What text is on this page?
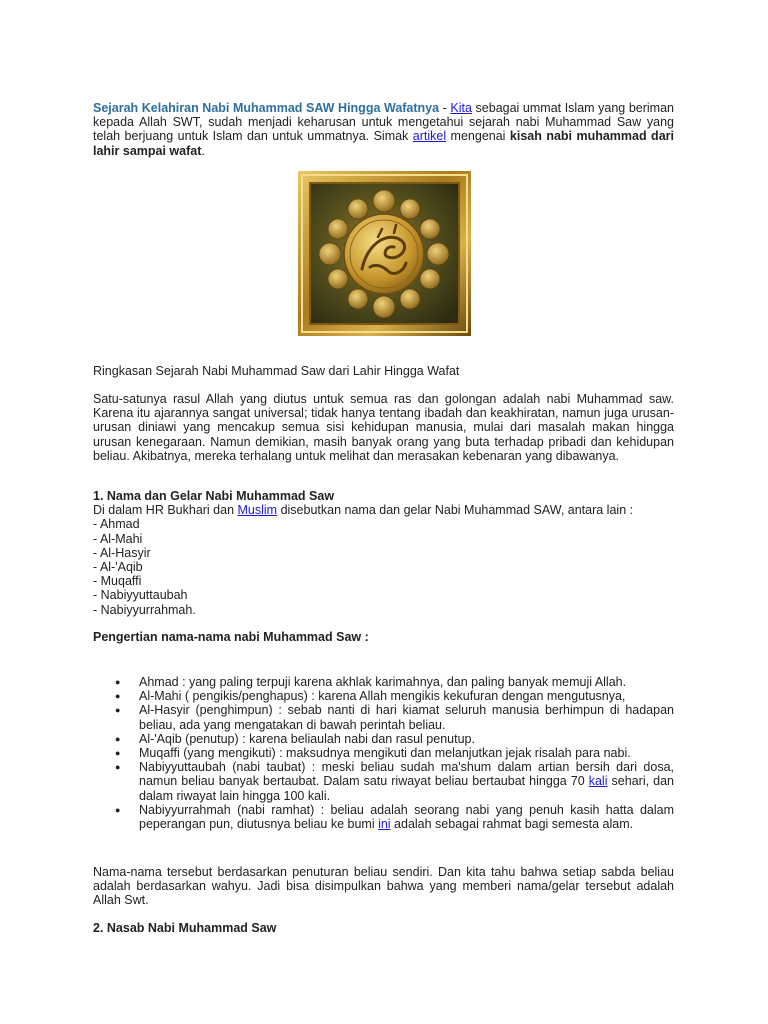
Sejarah Kelahiran Nabi Muhammad SAW Hingga Wafatnya - Kita sebagai ummat Islam yang beriman kepada Allah SWT, sudah menjadi keharusan untuk mengetahui sejarah nabi Muhammad Saw yang telah berjuang untuk Islam dan untuk ummatnya. Simak artikel mengenai kisah nabi muhammad dari lahir sampai wafat.
Ringkasan Sejarah Nabi Muhammad Saw dari Lahir Hingga Wafat
Satu-satunya rasul Allah yang diutus untuk semua ras dan golongan adalah nabi Muhammad saw. Karena itu ajarannya sangat universal; tidak hanya tentang ibadah dan keakhiratan, namun juga urusan-urusan diniawi yang mencakup semua sisi kehidupan manusia, mulai dari masalah makan hingga urusan kenegaraan. Namun demikian, masih banyak orang yang buta terhadap pribadi dan kehidupan beliau. Akibatnya, mereka terhalang untuk melihat dan merasakan kebenaran yang dibawanya.
1. Nama dan Gelar Nabi Muhammad Saw
Di dalam HR Bukhari dan Muslim disebutkan nama dan gelar Nabi Muhammad SAW, antara lain :
- Ahmad
- Al-Mahi
- Al-Hasyir
- Al-'Aqib
- Muqaffi
- Nabiyyuttaubah
- Nabiyyurrahmah.
Pengertian nama-nama nabi Muhammad Saw :
● Ahmad : yang paling terpuji karena akhlak karimahnya, dan paling banyak memuji Allah.
● Al-Mahi ( pengikis/penghapus) : karena Allah mengikis kekufuran dengan mengutusnya,
● Al-Hasyir (penghimpun) : sebab nanti di hari kiamat seluruh manusia berhimpun di hadapan beliau, ada yang mengatakan di bawah perintah beliau.
● Al-'Aqib (penutup) : karena beliaulah nabi dan rasul penutup.
● Muqaffi (yang mengikuti) : maksudnya mengikuti dan melanjutkan jejak risalah para nabi.
● Nabiyyuttaubah (nabi taubat) : meski beliau sudah ma'shum dalam artian bersih dari dosa, namun beliau banyak bertaubat. Dalam satu riwayat beliau bertaubat hingga 70 kali sehari, dan dalam riwayat lain hingga 100 kali.
● Nabiyyurrahmah (nabi ramhat) : beliau adalah seorang nabi yang penuh kasih hatta dalam peperangan pun, diutusnya beliau ke bumi ini adalah sebagai rahmat bagi semesta alam.
Nama-nama tersebut berdasarkan penuturan beliau sendiri. Dan kita tahu bahwa setiap sabda beliau adalah berdasarkan wahyu. Jadi bisa disimpulkan bahwa yang memberi nama/gelar tersebut adalah Allah Swt.
2. Nasab Nabi Muhammad Saw
